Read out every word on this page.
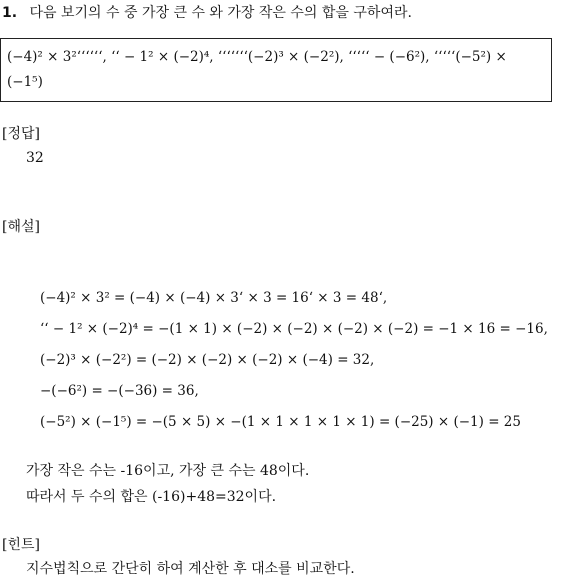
1. 다음 보기의 수 중 가장 큰 수 와 가장 작은 수의 합을 구하여라.
(−4)² × 3²‘‘‘‘‘‘, ‘‘ − 1² × (−2)⁴, ‘‘‘‘‘‘‘(−2)³ × (−2²), ‘‘‘‘‘ − (−6²), ‘‘‘‘‘(−5²) × (−1⁵)
[정답]
32
[해설]
(−4)² × 3² = (−4) × (−4) × 3‘ × 3 = 16‘ × 3 = 48‘,
‘‘ − 1² × (−2)⁴ = −(1 × 1) × (−2) × (−2) × (−2) × (−2) = −1 × 16 = −16,
(−2)³ × (−2²) = (−2) × (−2) × (−2) × (−4) = 32,
−(−6²) = −(−36) = 36,
(−5²) × (−1⁵) = −(5 × 5) × −(1 × 1 × 1 × 1 × 1) = (−25) × (−1) = 25
가장 작은 수는 -16이고, 가장 큰 수는 48이다.
따라서 두 수의 합은 (-16)+48=32이다.
[힌트]
지수법칙으로 간단히 하여 계산한 후 대소를 비교한다.
